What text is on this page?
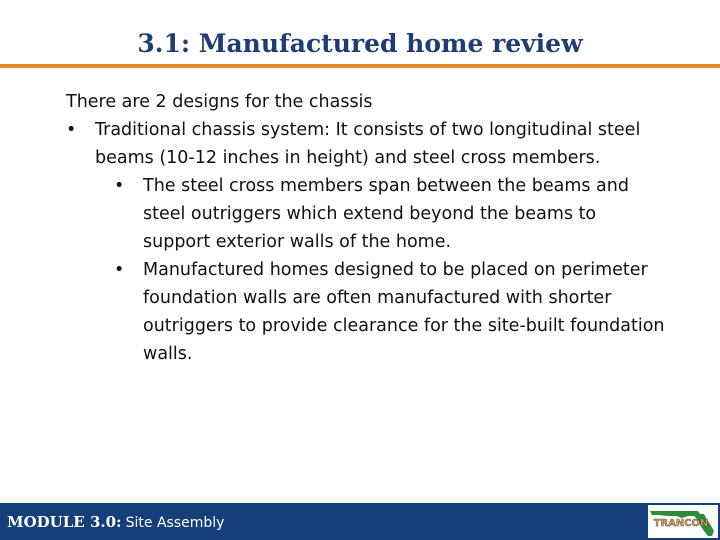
3.1: Manufactured home review

There are 2 designs for the chassis

• Traditional chassis system: It consists of two longitudinal steel beams (10-12 inches in height) and steel cross members.

• The steel cross members span between the beams and steel outriggers which extend beyond the beams to support exterior walls of the home.

• Manufactured homes designed to be placed on perimeter foundation walls are often manufactured with shorter outriggers to provide clearance for the site-built foundation walls.

MODULE 3.0: Site Assembly	TRANCON
